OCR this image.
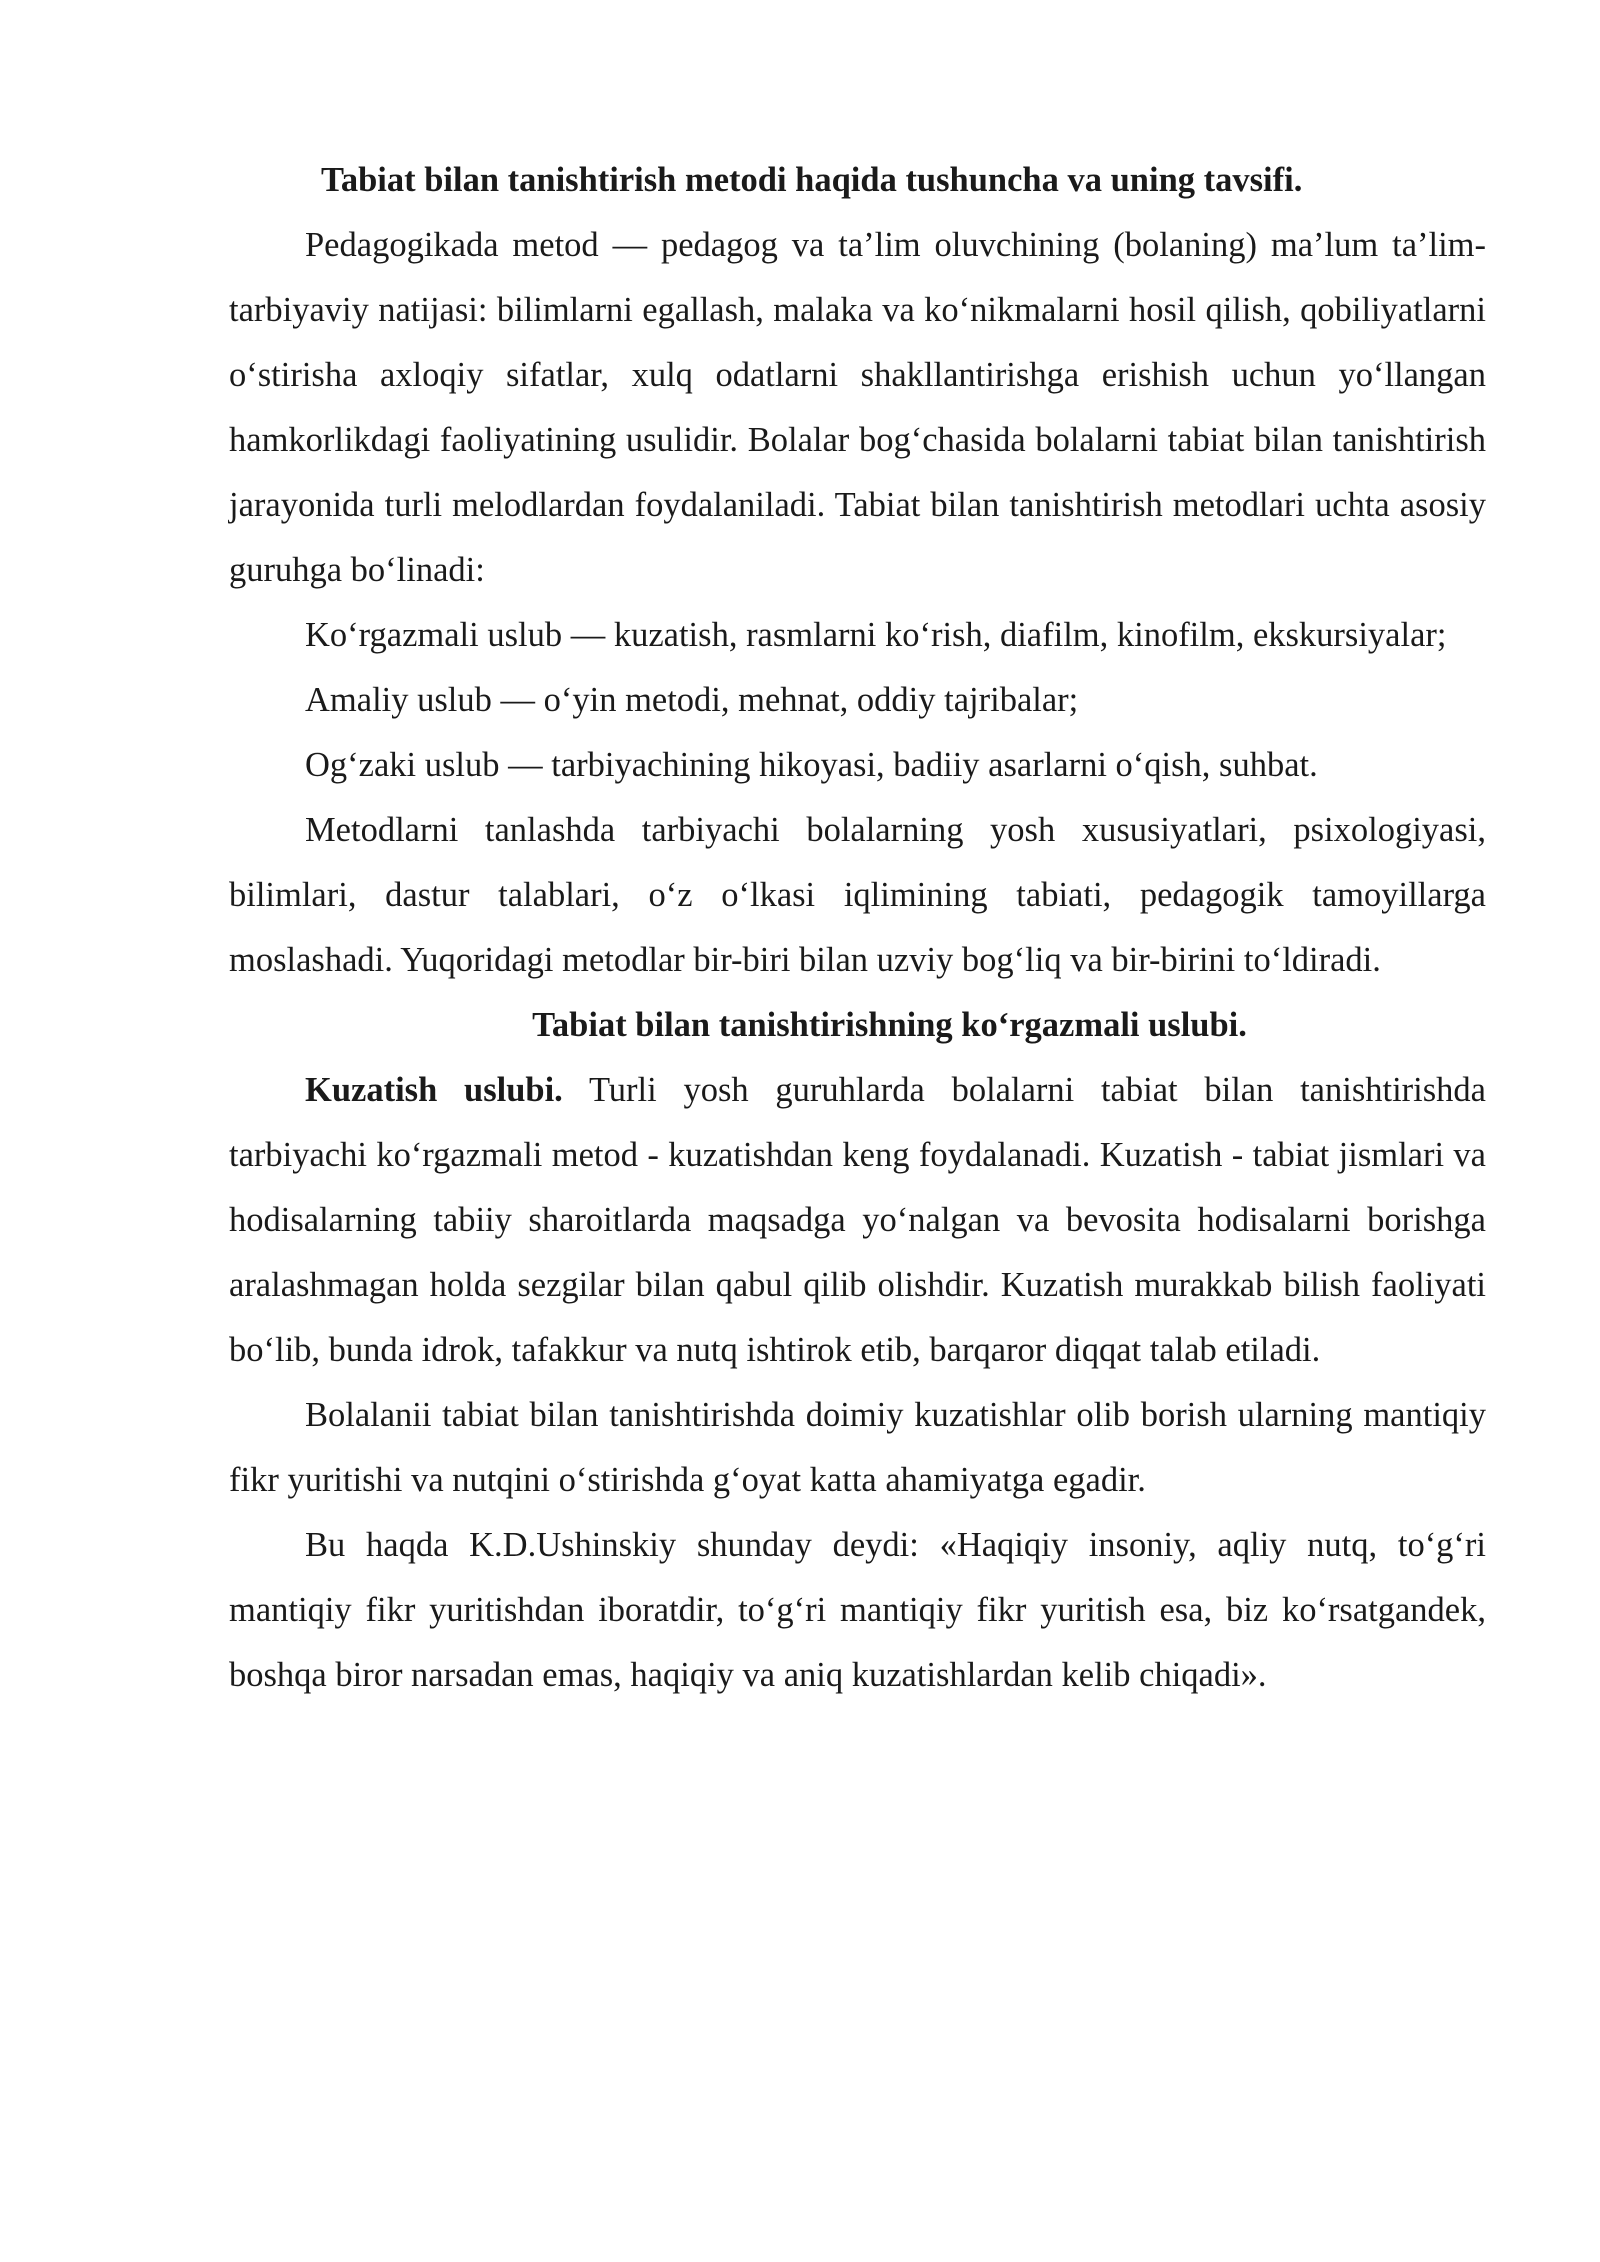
Tabiat bilan tanishtirish metodi haqida tushuncha va uning tavsifi.

Pedagogikada metod — pedagog va ta’lim oluvchining (bolaning) ma’lum ta’lim-tarbiyaviy natijasi: bilimlarni egallash, malaka va ko‘nikmalarni hosil qilish, qobiliyatlarni o‘stirisha axloqiy sifatlar, xulq odatlarni shakllantirishga erishish uchun yo‘llangan hamkorlikdagi faoliyatining usulidir. Bolalar bog‘chasida bolalarni tabiat bilan tanishtirish jarayonida turli melodlardan foydalaniladi. Tabiat bilan tanishtirish metodlari uchta asosiy guruhga bo‘linadi:

Ko‘rgazmali uslub — kuzatish, rasmlarni ko‘rish, diafilm, kinofilm, ekskursiyalar;

Amaliy uslub — o‘yin metodi, mehnat, oddiy tajribalar;

Og‘zaki uslub — tarbiyachining hikoyasi, badiiy asarlarni o‘qish, suhbat.

Metodlarni tanlashda tarbiyachi bolalarning yosh xususiyatlari, psixologiyasi, bilimlari, dastur talablari, o‘z o‘lkasi iqlimining tabiati, pedagogik tamoyillarga moslashadi. Yuqoridagi metodlar bir-biri bilan uzviy bog‘liq va bir-birini to‘ldiradi.

Tabiat bilan tanishtirishning ko‘rgazmali uslubi.

Kuzatish uslubi. Turli yosh guruhlarda bolalarni tabiat bilan tanishtirishda tarbiyachi ko‘rgazmali metod - kuzatishdan keng foydalanadi. Kuzatish - tabiat jismlari va hodisalarning tabiiy sharoitlarda maqsadga yo‘nalgan va bevosita hodisalarni borishga aralashmagan holda sezgilar bilan qabul qilib olishdir. Kuzatish murakkab bilish faoliyati bo‘lib, bunda idrok, tafakkur va nutq ishtirok etib, barqaror diqqat talab etiladi.

Bolalanii tabiat bilan tanishtirishda doimiy kuzatishlar olib borish ularning mantiqiy fikr yuritishi va nutqini o‘stirishda g‘oyat katta ahamiyatga egadir.

Bu haqda K.D.Ushinskiy shunday deydi: «Haqiqiy insoniy, aqliy nutq, to‘g‘ri mantiqiy fikr yuritishdan iboratdir, to‘g‘ri mantiqiy fikr yuritish esa, biz ko‘rsatgandek, boshqa biror narsadan emas, haqiqiy va aniq kuzatishlardan kelib chiqadi».
